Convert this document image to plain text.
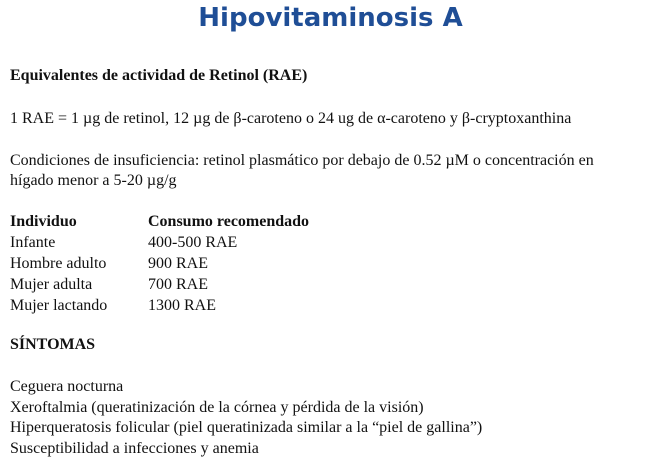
Hipovitaminosis A
Equivalentes de actividad de Retinol (RAE)
1 RAE = 1 µg de retinol, 12 µg de β-caroteno o 24 ug de α-caroteno y β-cryptoxanthina
Condiciones de insuficiencia: retinol plasmático por debajo de 0.52 µM o concentración en
hígado menor a 5-20 µg/g
Individuo	Consumo recomendado
Infante	400-500 RAE
Hombre adulto	900 RAE
Mujer adulta	700 RAE
Mujer lactando	1300 RAE
SÍNTOMAS
Ceguera nocturna
Xeroftalmia (queratinización de la córnea y pérdida de la visión)
Hiperqueratosis folicular (piel queratinizada similar a la “piel de gallina”)
Susceptibilidad a infecciones y anemia
